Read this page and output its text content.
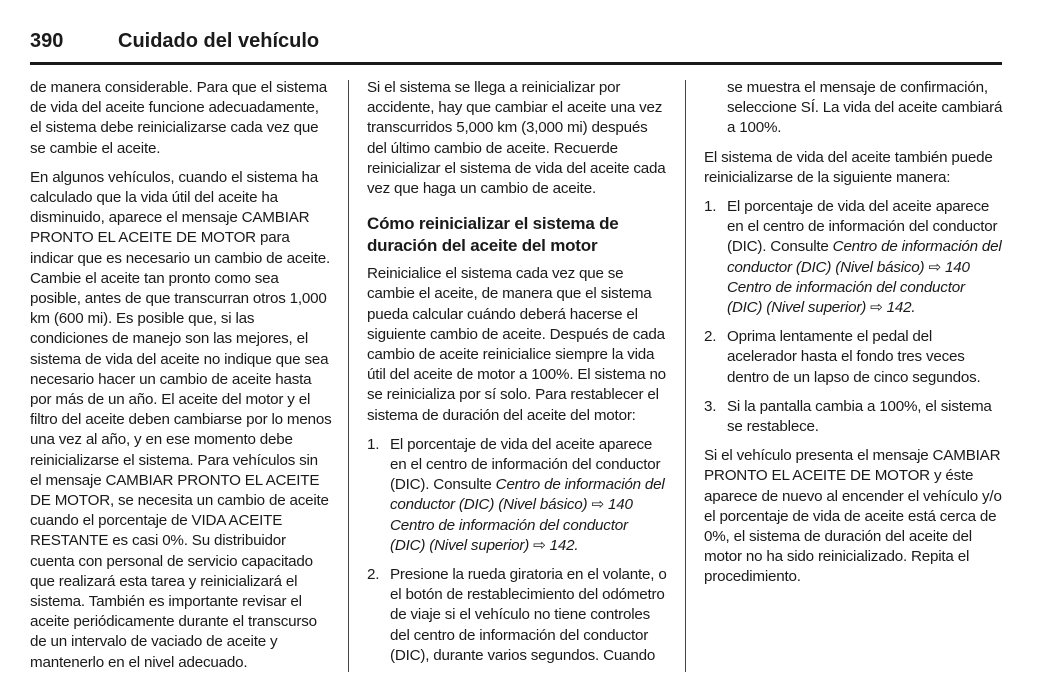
390	Cuidado del vehículo

de manera considerable. Para que el sistema de vida del aceite funcione adecuadamente, el sistema debe reinicializarse cada vez que se cambie el aceite.

En algunos vehículos, cuando el sistema ha calculado que la vida útil del aceite ha disminuido, aparece el mensaje CAMBIAR PRONTO EL ACEITE DE MOTOR para indicar que es necesario un cambio de aceite. Cambie el aceite tan pronto como sea posible, antes de que transcurran otros 1,000 km (600 mi). Es posible que, si las condiciones de manejo son las mejores, el sistema de vida del aceite no indique que sea necesario hacer un cambio de aceite hasta por más de un año. El aceite del motor y el filtro del aceite deben cambiarse por lo menos una vez al año, y en ese momento debe reinicializarse el sistema. Para vehículos sin el mensaje CAMBIAR PRONTO EL ACEITE DE MOTOR, se necesita un cambio de aceite cuando el porcentaje de VIDA ACEITE RESTANTE es casi 0%. Su distribuidor cuenta con personal de servicio capacitado que realizará esta tarea y reinicializará el sistema. También es importante revisar el aceite periódicamente durante el transcurso de un intervalo de vaciado de aceite y mantenerlo en el nivel adecuado.

Si el sistema se llega a reinicializar por accidente, hay que cambiar el aceite una vez transcurridos 5,000 km (3,000 mi) después del último cambio de aceite. Recuerde reinicializar el sistema de vida del aceite cada vez que haga un cambio de aceite.

Cómo reinicializar el sistema de duración del aceite del motor

Reinicialice el sistema cada vez que se cambie el aceite, de manera que el sistema pueda calcular cuándo deberá hacerse el siguiente cambio de aceite. Después de cada cambio de aceite reinicialice siempre la vida útil del aceite de motor a 100%. El sistema no se reinicializa por sí solo. Para restablecer el sistema de duración del aceite del motor:

1. El porcentaje de vida del aceite aparece en el centro de información del conductor (DIC). Consulte Centro de información del conductor (DIC) (Nivel básico) ⇨ 140 Centro de información del conductor (DIC) (Nivel superior) ⇨ 142.
2. Presione la rueda giratoria en el volante, o el botón de restablecimiento del odómetro de viaje si el vehículo no tiene controles del centro de información del conductor (DIC), durante varios segundos. Cuando
se muestra el mensaje de confirmación, seleccione SÍ. La vida del aceite cambiará a 100%.

El sistema de vida del aceite también puede reinicializarse de la siguiente manera:

1. El porcentaje de vida del aceite aparece en el centro de información del conductor (DIC). Consulte Centro de información del conductor (DIC) (Nivel básico) ⇨ 140 Centro de información del conductor (DIC) (Nivel superior) ⇨ 142.
2. Oprima lentamente el pedal del acelerador hasta el fondo tres veces dentro de un lapso de cinco segundos.
3. Si la pantalla cambia a 100%, el sistema se restablece.

Si el vehículo presenta el mensaje CAMBIAR PRONTO EL ACEITE DE MOTOR y éste aparece de nuevo al encender el vehículo y/o el porcentaje de vida de aceite está cerca de 0%, el sistema de duración del aceite del motor no ha sido reinicializado. Repita el procedimiento.
